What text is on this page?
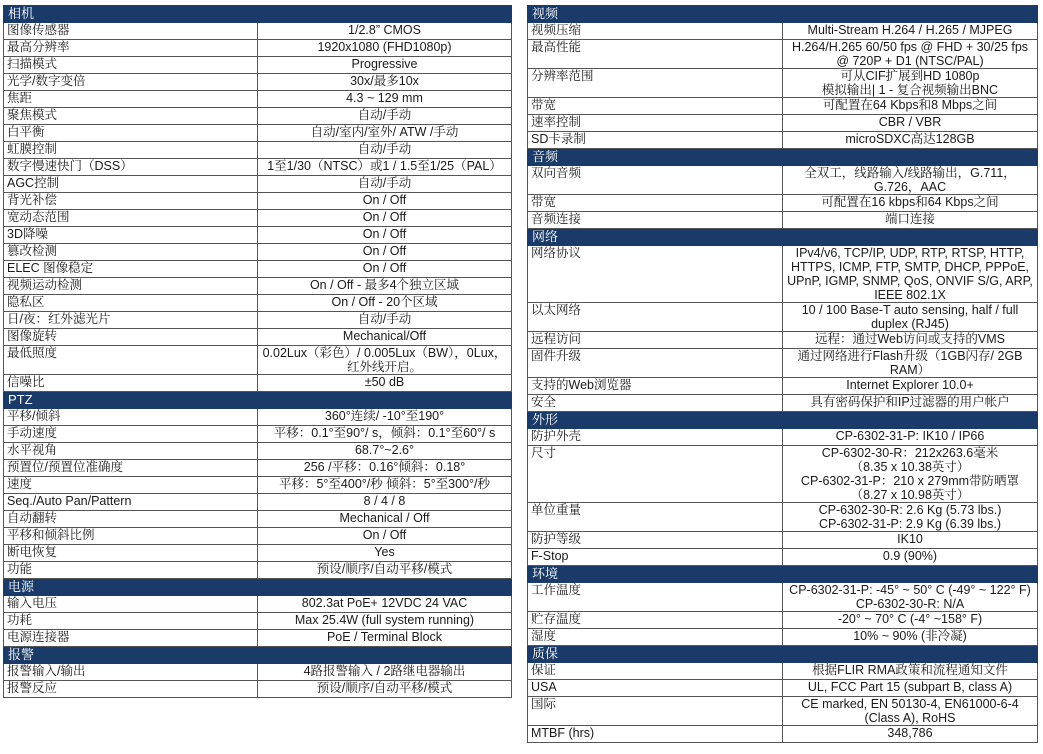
相机	
图像传感器	1/2.8” CMOS
最高分辨率	1920x1080 (FHD1080p)
扫描模式	Progressive
光学/数字变倍	30x/最多10x
焦距	4.3 ~ 129 mm
聚焦模式	自动/手动
白平衡	自动/室内/室外/ ATW /手动
虹膜控制	自动/手动
数字慢速快门（DSS）	1至1/30（NTSC）或1 / 1.5至1/25（PAL）
AGC控制	自动/手动
背光补偿	On / Off
宽动态范围	On / Off
3D降噪	On / Off
篡改检测	On / Off
ELEC 图像稳定	On / Off
视频运动检测	On / Off - 最多4个独立区域
隐私区	On / Off - 20个区域
日/夜：红外滤光片	自动/手动
图像旋转	Mechanical/Off
最低照度	0.02Lux（彩色）/ 0.005Lux（BW），0Lux，红外线开启。
信噪比	±50 dB
PTZ	
平移/倾斜	360°连续/ -10°至190°
手动速度	平移：0.1°至90°/ s，倾斜：0.1°至60°/ s
水平视角	68.7°~2.6°
预置位/预置位准确度	256 /平移：0.16°倾斜：0.18°
速度	平移：5°至400°/秒 倾斜：5°至300°/秒
Seq./Auto Pan/Pattern	8 / 4 / 8
自动翻转	Mechanical / Off
平移和倾斜比例	On / Off
断电恢复	Yes
功能	预设/顺序/自动平移/模式
电源	
输入电压	802.3at PoE+ 12VDC 24 VAC
功耗	Max 25.4W (full system running)
电源连接器	PoE / Terminal Block
报警	
报警输入/输出	4路报警输入 / 2路继电器输出
报警反应	预设/顺序/自动平移/模式
视频	
视频压缩	Multi-Stream H.264 / H.265 / MJPEG
最高性能	H.264/H.265 60/50 fps @ FHD + 30/25 fps @ 720P + D1 (NTSC/PAL)
分辨率范围	可从CIF扩展到HD 1080p
模拟输出| 1 - 复合视频输出BNC
带宽	可配置在64 Kbps和8 Mbps之间
速率控制	CBR / VBR
SD卡录制	microSDXC高达128GB
音频	
双向音频	全双工，线路输入/线路输出，G.711，G.726，AAC
带宽	可配置在16 kbps和64 Kbps之间
音频连接	端口连接
网络	
网络协议	IPv4/v6, TCP/IP, UDP, RTP, RTSP, HTTP, HTTPS, ICMP, FTP, SMTP, DHCP, PPPoE, UPnP, IGMP, SNMP, QoS, ONVIF S/G, ARP, IEEE 802.1X
以太网络	10 / 100 Base-T auto sensing, half / full duplex (RJ45)
远程访问	远程：通过Web访问或支持的VMS
固件升级	通过网络进行Flash升级（1GB闪存/ 2GB RAM）
支持的Web浏览器	Internet Explorer 10.0+
安全	具有密码保护和IP过滤器的用户帐户
外形	
防护外壳	CP-6302-31-P: IK10 / IP66
尺寸	CP-6302-30-R：212x263.6毫米
（8.35 x 10.38英寸）
CP-6302-31-P：210 x 279mm带防晒罩（8.27 x 10.98英寸）
单位重量	CP-6302-30-R: 2.6 Kg (5.73 lbs.)
CP-6302-31-P: 2.9 Kg (6.39 lbs.)
防护等级	IK10
F-Stop	0.9 (90%)
环境	
工作温度	CP-6302-31-P: -45° ~ 50° C (-49° ~ 122° F)
CP-6302-30-R: N/A
贮存温度	-20° ~ 70° C (-4° ~158° F)
湿度	10% ~ 90% (非冷凝)
质保	
保证	根据FLIR RMA政策和流程通知文件
USA	UL, FCC Part 15 (subpart B, class A)
国际	CE marked, EN 50130-4, EN61000-6-4 (Class A), RoHS
MTBF (hrs)	348,786
